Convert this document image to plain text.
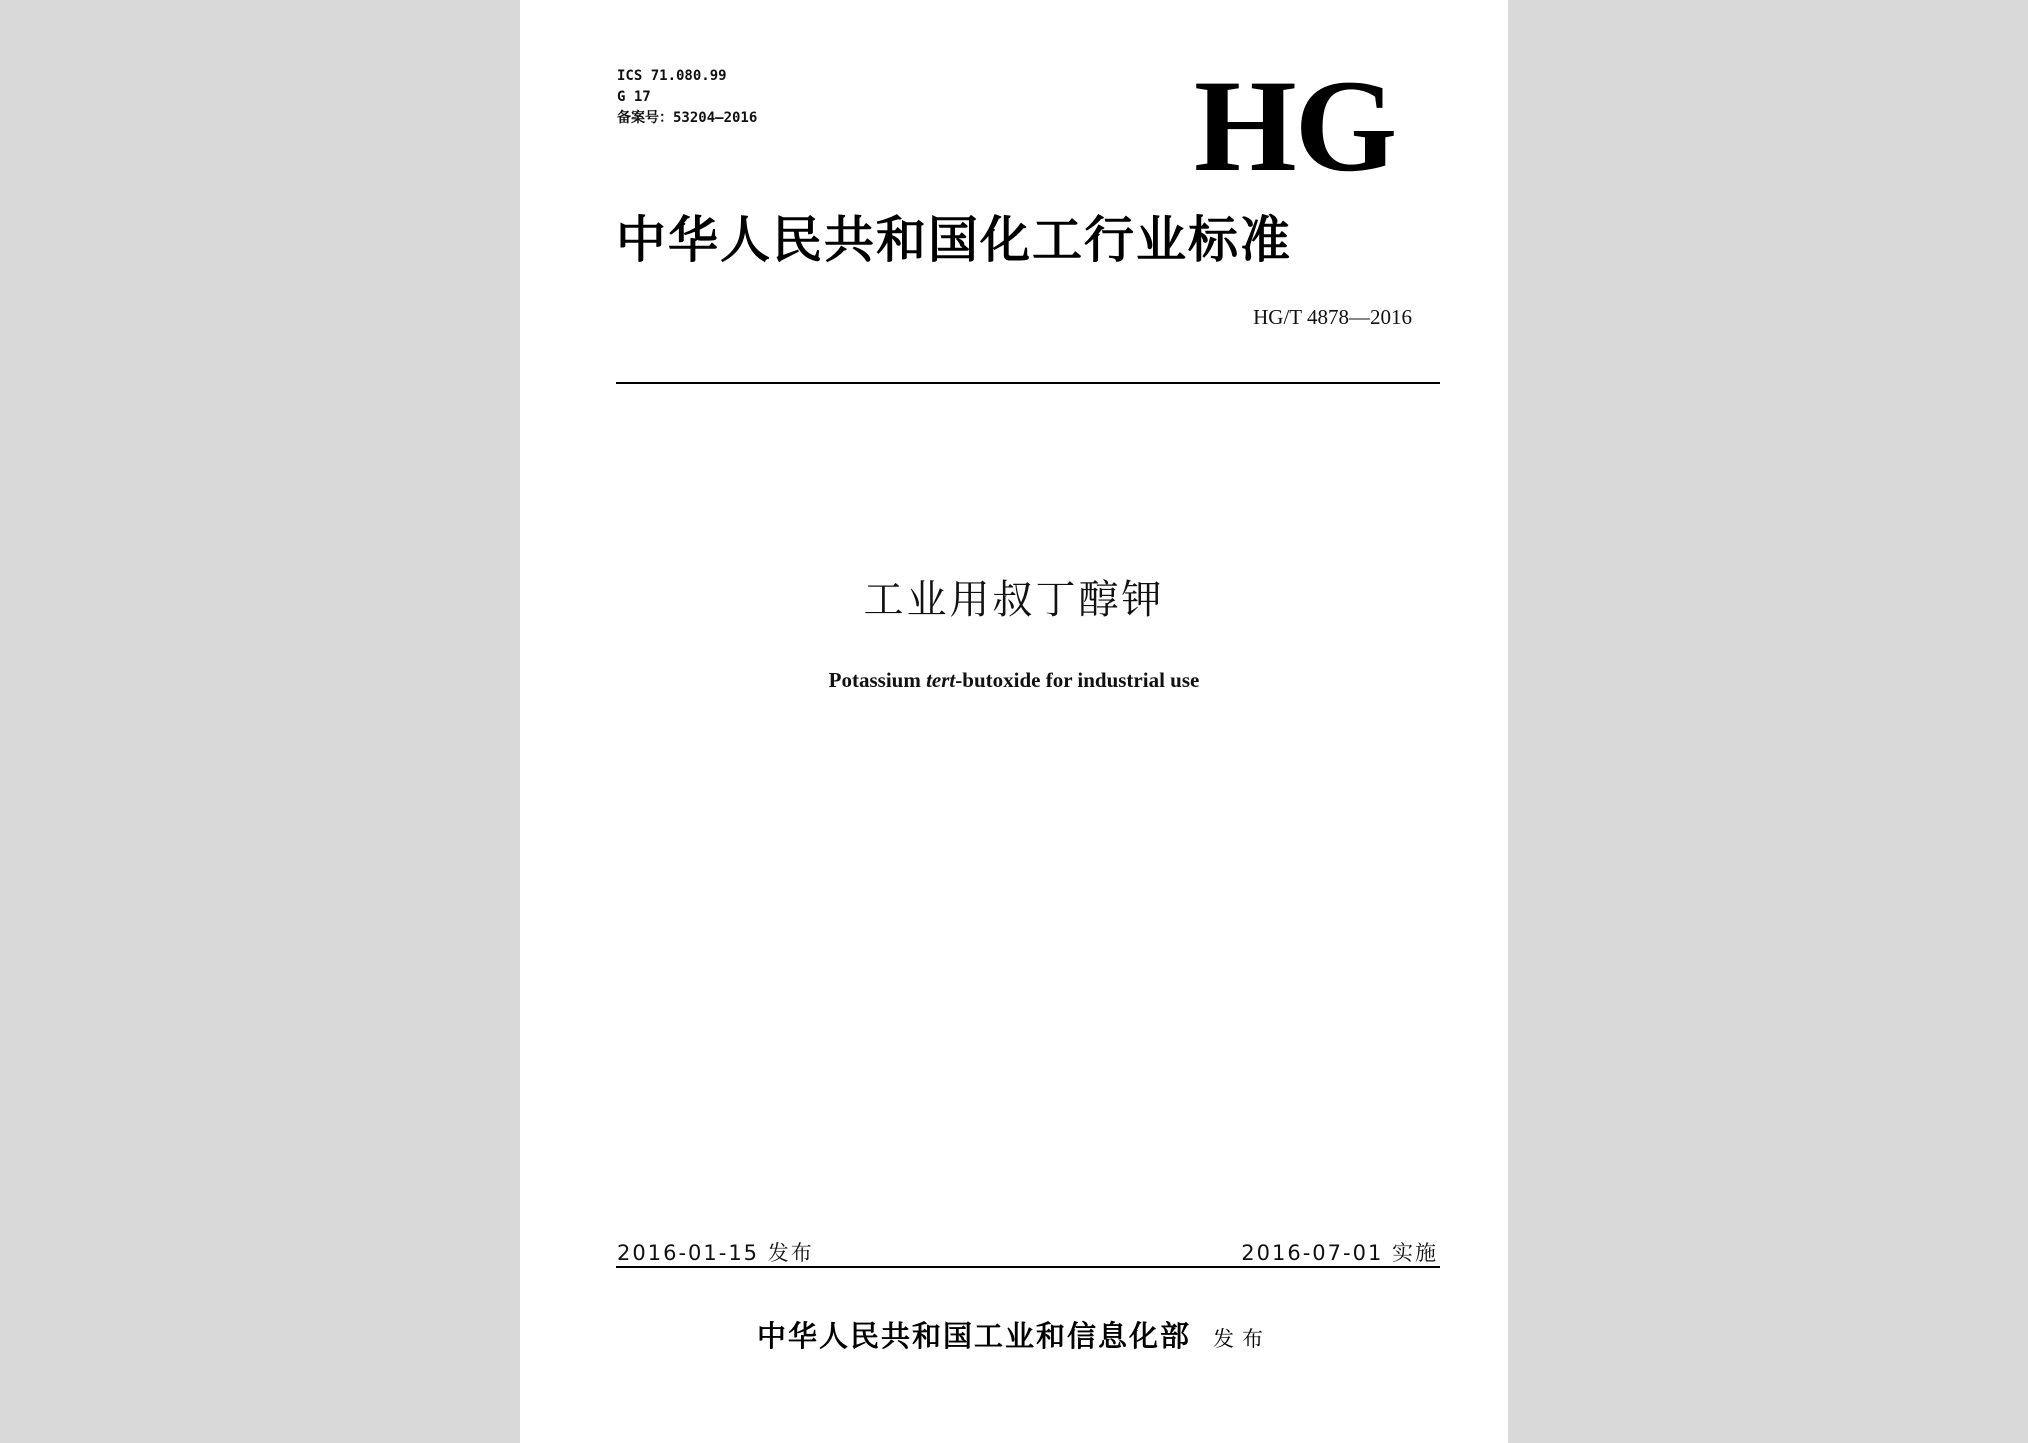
ICS 71.080.99
G 17
备案号：53204—2016	HG
中华人民共和国化工行业标准
HG/T 4878—2016
工业用叔丁醇钾
Potassium tert-butoxide for industrial use
2016-01-15 发布	2016-07-01 实施
中华人民共和国工业和信息化部 发布
